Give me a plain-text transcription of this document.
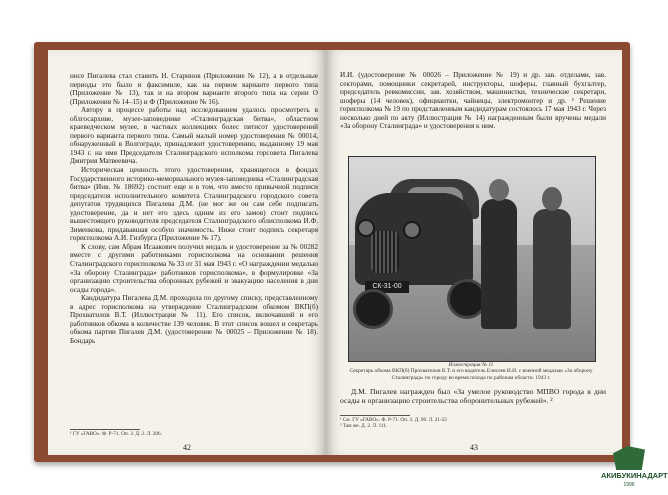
нисе Пигалева стал ставить Н. Старинов (Приложение № 12), а в отдельные периоды это было и факсимиле, как на первом варианте первого типа (Приложение № 13), так и на втором варианте второго типа на серии О (Приложения № 14–15) и Ф (Приложение № 16).

Автору в процессе работы над исследованием удалось просмотреть в облгосархиве, музее-заповеднике «Сталинградская битва», областном краеведческом музее, в частных коллекциях болес пятисот удостоверений первого варианта первого типа. Самый малый номер удостоверения № 00014, обнаруженный в Волгограде, принадлежит удостоверению, выданному 19 мая 1943 г. на имя Председателя Сталинградского исполкома горсовета Пигалева Дмитрия Матвеевича.

Историческая ценность этого удостоверения, хранящегося в фондах Государственного историко-мемориального музея-заповедника «Сталинградская битва» (Инв. № 18692) состоит еще и в том, что вместо привычной подписи председателя исполнительного комитета Сталинградского городского совета депутатов трудящихся Пигалева Д.М. (не мог же он сам себе подписать удостоверение, да и нет его здесь одним из его замов) стоит подпись вышестоящего руководителя председателя Сталинградского облисполкома И.Ф. Зименкова, придававшая особую значимость. Ниже стоит подпись секретаря горисполкома А.И. Гизбурга (Приложение № 17).

К слову, сам Абрам Исаакович получил медаль и удостоверение за № 00282 вместе с другими работниками горисполкома на основании решения Сталинградского горисполкома № 33 от 31 мая 1943 г. «О награждении медалью «За оборону Сталинграда» работников горисполкома», в формулировке «За организацию строительства оборонных рубежей и эвакуацию населения в дни осады города».

Кандидатура Пигалева Д.М. проходила по другому списку, представленному в адрес горисполкома на утверждение Сталинградским обкомом ВКП(б) Прохватилов В.Т. (Иллюстрация № 11). Его список, включавший и его работников обкома в количестве 139 человек. В этот список вошел и секретарь обкома партии Пигалев Д.М. (удостоверение № 00025 – Приложение № 18). Бондарь

¹ ГУ «ГАВО». Ф. Р-71. Оп. 3. Д. 2. Л. 206.
42

И.И. (удостоверение № 00026 – Приложение № 19) и др. зав. отделами, зав. секторами, помощники секретарей, инструкторы, шоферы, главный бухгалтер, председатель ревкомиссии, зав. хозяйством, машинистки, технические секретари, шоферы (14 человек), официантки, чайницы, электромонтер и др. ¹ Решение горисполкома № 19 по представленным кандидатурам состоялось 17 мая 1943 г. Через несколько дней по акту (Иллюстрация № 14) награжденным были вручены медали «За оборону Сталинграда» и удостоверения к ним.

СК-31-00
Иллюстрация № 11
Секретарь обкома ВКП(б) Прохватилов В.Т. и его водитель Елисеев И.И. с военной медалью «За оборону Сталинграда» по городу во время похода по районам области. 1943 г.

Д.М. Пигалев награжден был «За умелое руководство МПВО города в дни осады и организацию строительства оборонительных рубежей». ²

¹ См. ГУ «ГАВО». Ф. Р-71. Оп. 3. Д. 96. Л. 21-22
² Там же. Д. 2. Л. 111.
43
АКИБУКИНАДАРТ
1996
